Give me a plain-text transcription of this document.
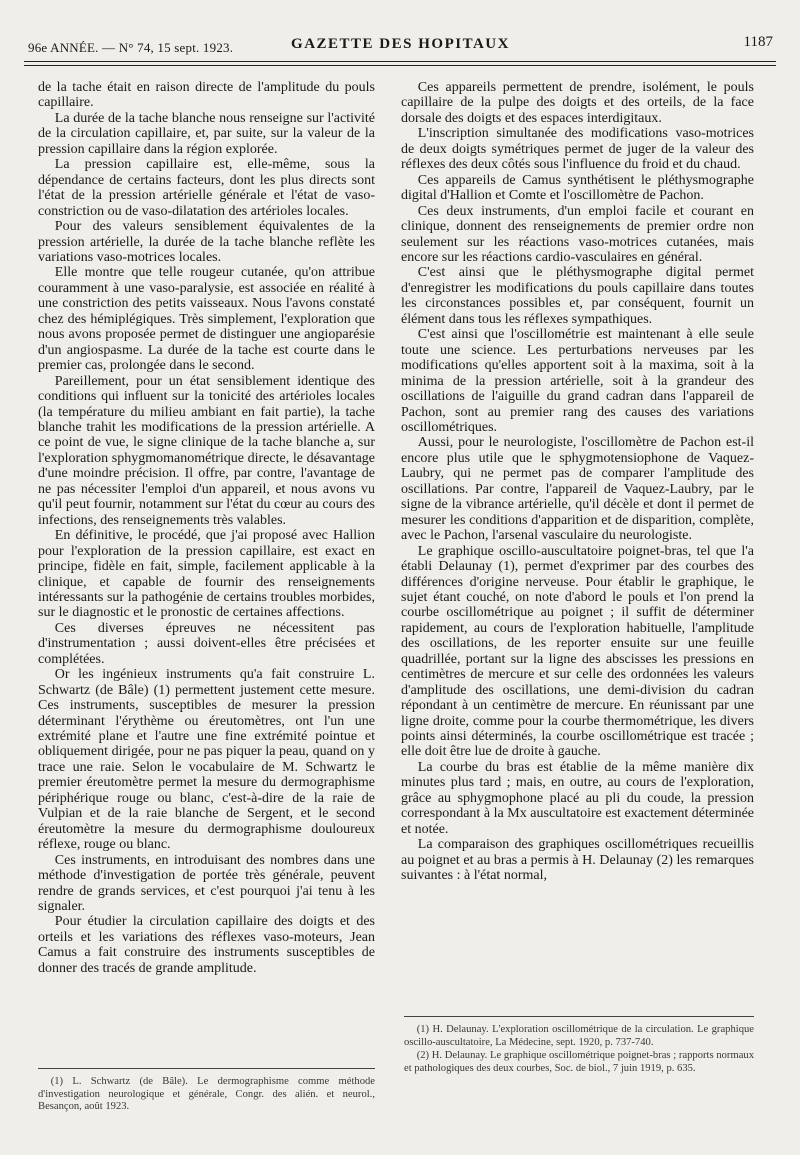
96e ANNÉE. — N° 74, 15 sept. 1923.	GAZETTE DES HOPITAUX	1187

de la tache était en raison directe de l'amplitude du pouls capillaire.

La durée de la tache blanche nous renseigne sur l'activité de la circulation capillaire, et, par suite, sur la valeur de la pression capillaire dans la région explorée.

La pression capillaire est, elle-même, sous la dépendance de certains facteurs, dont les plus directs sont l'état de la pression artérielle générale et l'état de vaso-constriction ou de vaso-dilatation des artérioles locales.

Pour des valeurs sensiblement équivalentes de la pression artérielle, la durée de la tache blanche reflète les variations vaso-motrices locales.

Elle montre que telle rougeur cutanée, qu'on attribue couramment à une vaso-paralysie, est associée en réalité à une constriction des petits vaisseaux. Nous l'avons constaté chez des hémiplégiques. Très simplement, l'exploration que nous avons proposée permet de distinguer une angioparésie d'un angiospasme. La durée de la tache est courte dans le premier cas, prolongée dans le second.

Pareillement, pour un état sensiblement identique des conditions qui influent sur la tonicité des artérioles locales (la température du milieu ambiant en fait partie), la tache blanche trahit les modifications de la pression artérielle. A ce point de vue, le signe clinique de la tache blanche a, sur l'exploration sphygmomanométrique directe, le désavantage d'une moindre précision. Il offre, par contre, l'avantage de ne pas nécessiter l'emploi d'un appareil, et nous avons vu qu'il peut fournir, notamment sur l'état du cœur au cours des infections, des renseignements très valables.

En définitive, le procédé, que j'ai proposé avec Hallion pour l'exploration de la pression capillaire, est exact en principe, fidèle en fait, simple, facilement applicable à la clinique, et capable de fournir des renseignements intéressants sur la pathogénie de certains troubles morbides, sur le diagnostic et le pronostic de certaines affections.

Ces diverses épreuves ne nécessitent pas d'instrumentation ; aussi doivent-elles être précisées et complétées.

Or les ingénieux instruments qu'a fait construire L. Schwartz (de Bâle) (1) permettent justement cette mesure. Ces instruments, susceptibles de mesurer la pression déterminant l'érythème ou éreutomètres, ont l'un une extrémité plane et l'autre une fine extrémité pointue et obliquement dirigée, pour ne pas piquer la peau, quand on y trace une raie. Selon le vocabulaire de M. Schwartz le premier éreutomètre permet la mesure du dermographisme périphérique rouge ou blanc, c'est-à-dire de la raie de Vulpian et de la raie blanche de Sergent, et le second éreutomètre la mesure du dermographisme douloureux réflexe, rouge ou blanc.

Ces instruments, en introduisant des nombres dans une méthode d'investigation de portée très générale, peuvent rendre de grands services, et c'est pourquoi j'ai tenu à les signaler.

Pour étudier la circulation capillaire des doigts et des orteils et les variations des réflexes vaso-moteurs, Jean Camus a fait construire des instruments susceptibles de donner des tracés de grande amplitude.

(1) L. Schwartz (de Bâle). Le dermographisme comme méthode d'investigation neurologique et générale, Congr. des alién. et neurol., Besançon, août 1923.

Ces appareils permettent de prendre, isolément, le pouls capillaire de la pulpe des doigts et des orteils, de la face dorsale des doigts et des espaces interdigitaux.

L'inscription simultanée des modifications vaso-motrices de deux doigts symétriques permet de juger de la valeur des réflexes des deux côtés sous l'influence du froid et du chaud.

Ces appareils de Camus synthétisent le pléthysmographe digital d'Hallion et Comte et l'oscillomètre de Pachon.

Ces deux instruments, d'un emploi facile et courant en clinique, donnent des renseignements de premier ordre non seulement sur les réactions vaso-motrices cutanées, mais encore sur les réactions cardio-vasculaires en général.

C'est ainsi que le pléthysmographe digital permet d'enregistrer les modifications du pouls capillaire dans toutes les circonstances possibles et, par conséquent, fournit un élément dans tous les réflexes sympathiques.

C'est ainsi que l'oscillométrie est maintenant à elle seule toute une science. Les perturbations nerveuses par les modifications qu'elles apportent soit à la maxima, soit à la minima de la pression artérielle, soit à la grandeur des oscillations de l'aiguille du grand cadran dans l'appareil de Pachon, sont au premier rang des causes des variations oscillométriques.

Aussi, pour le neurologiste, l'oscillomètre de Pachon est-il encore plus utile que le sphygmotensiophone de Vaquez-Laubry, qui ne permet pas de comparer l'amplitude des oscillations. Par contre, l'appareil de Vaquez-Laubry, par le signe de la vibrance artérielle, qu'il décèle et dont il permet de mesurer les conditions d'apparition et de disparition, complète, avec le Pachon, l'arsenal vasculaire du neurologiste.

Le graphique oscillo-auscultatoire poignet-bras, tel que l'a établi Delaunay (1), permet d'exprimer par des courbes des différences d'origine nerveuse. Pour établir le graphique, le sujet étant couché, on note d'abord le pouls et l'on prend la courbe oscillométrique au poignet ; il suffit de déterminer rapidement, au cours de l'exploration habituelle, l'amplitude des oscillations, de les reporter ensuite sur une feuille quadrillée, portant sur la ligne des abscisses les pressions en centimètres de mercure et sur celle des ordonnées les valeurs d'amplitude des oscillations, une demi-division du cadran répondant à un centimètre de mercure. En réunissant par une ligne droite, comme pour la courbe thermométrique, les divers points ainsi déterminés, la courbe oscillométrique est tracée ; elle doit être lue de droite à gauche.

La courbe du bras est établie de la même manière dix minutes plus tard ; mais, en outre, au cours de l'exploration, grâce au sphygmophone placé au pli du coude, la pression correspondant à la Mx auscultatoire est exactement déterminée et notée.

La comparaison des graphiques oscillométriques recueillis au poignet et au bras a permis à H. Delaunay (2) les remarques suivantes : à l'état normal,

(1) H. Delaunay. L'exploration oscillométrique de la circulation. Le graphique oscillo-auscultatoire, La Médecine, sept. 1920, p. 737-740.

(2) H. Delaunay. Le graphique oscillométrique poignet-bras ; rapports normaux et pathologiques des deux courbes, Soc. de biol., 7 juin 1919, p. 635.
